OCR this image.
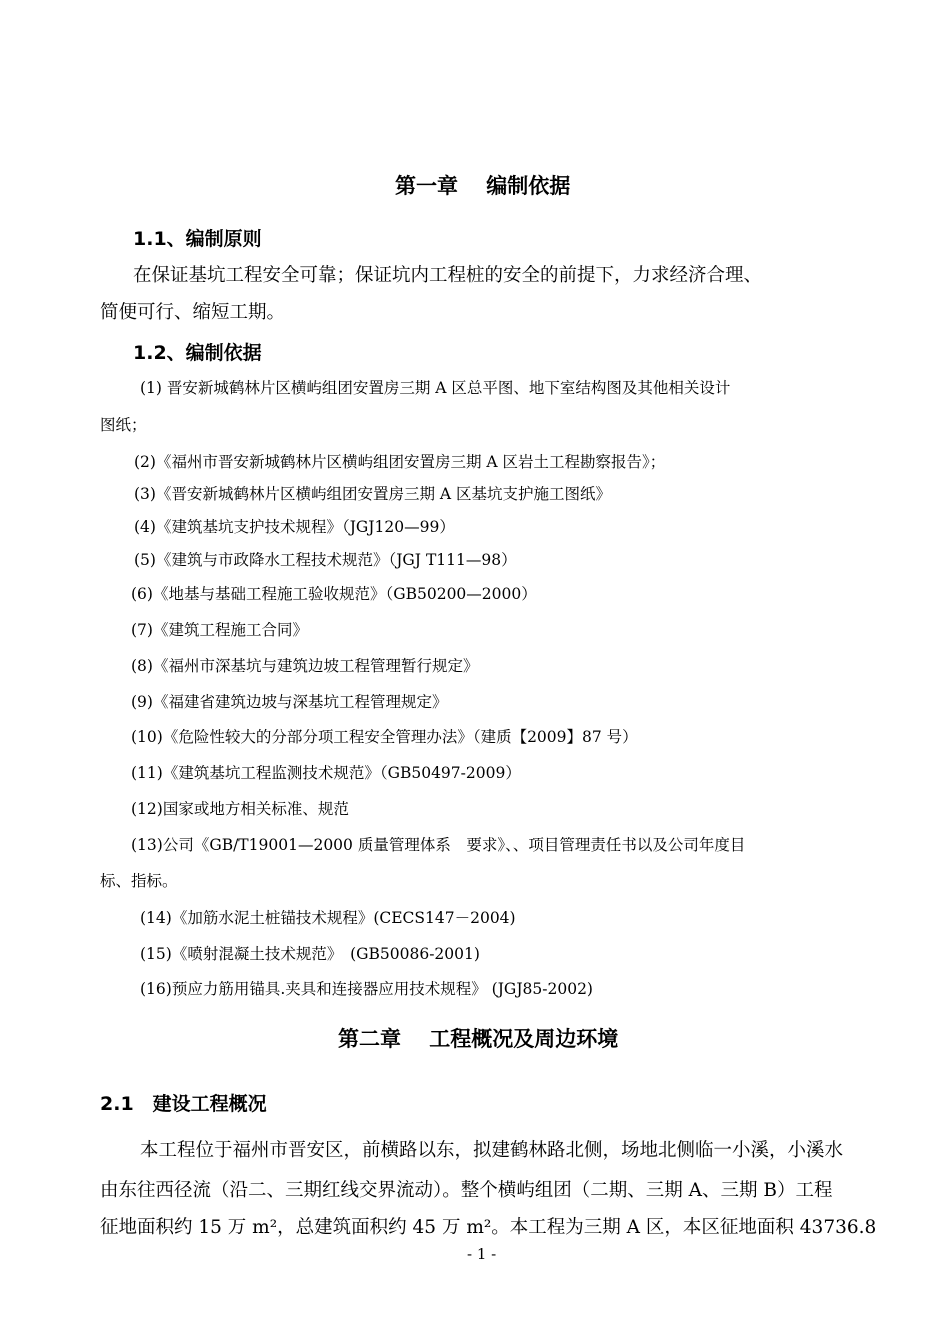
第一章　 编制依据
1.1、编制原则
在保证基坑工程安全可靠；保证坑内工程桩的安全的前提下，力求经济合理、
简便可行、缩短工期。
1.2、编制依据
(1) 晋安新城鹤林片区横屿组团安置房三期 A 区总平图、地下室结构图及其他相关设计
图纸；
(2)《福州市晋安新城鹤林片区横屿组团安置房三期 A 区岩土工程勘察报告》；
(3)《晋安新城鹤林片区横屿组团安置房三期 A 区基坑支护施工图纸》
(4)《建筑基坑支护技术规程》（JGJ120—99）
(5)《建筑与市政降水工程技术规范》（JGJ T111—98）
(6)《地基与基础工程施工验收规范》（GB50200—2000）
(7)《建筑工程施工合同》
(8)《福州市深基坑与建筑边坡工程管理暂行规定》
(9)《福建省建筑边坡与深基坑工程管理规定》
(10)《危险性较大的分部分项工程安全管理办法》（建质【2009】87 号）
(11)《建筑基坑工程监测技术规范》（GB50497-2009）
(12)国家或地方相关标准、规范
(13)公司《GB/T19001—2000 质量管理体系　要求》、、项目管理责任书以及公司年度目
标、指标。
(14)《加筋水泥土桩锚技术规程》(CECS147－2004)
(15)《喷射混凝土技术规范》　(GB50086-2001)
(16)预应力筋用锚具.夹具和连接器应用技术规程》 (JGJ85-2002)
第二章　 工程概况及周边环境
2.1　建设工程概况
本工程位于福州市晋安区，前横路以东，拟建鹤林路北侧，场地北侧临一小溪，小溪水
由东往西径流（沿二、三期红线交界流动）。整个横屿组团（二期、三期 A、三期 B）工程
征地面积约 15 万 m²，总建筑面积约 45 万 m²。本工程为三期 A 区，本区征地面积 43736.8
- 1 -
